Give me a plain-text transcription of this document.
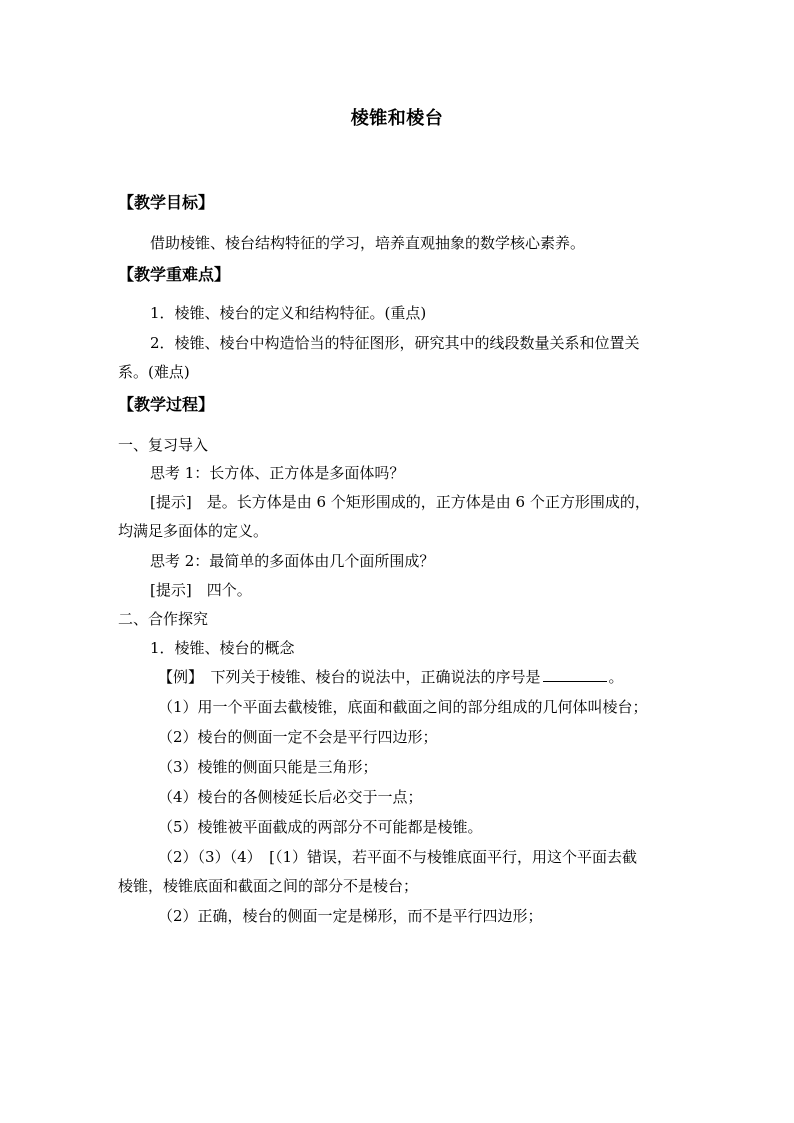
棱锥和棱台
【教学目标】
借助棱锥、棱台结构特征的学习，培养直观抽象的数学核心素养。
【教学重难点】
1．棱锥、棱台的定义和结构特征。(重点)
2．棱锥、棱台中构造恰当的特征图形，研究其中的线段数量关系和位置关
系。(难点)
【教学过程】
一、复习导入
思考 1：长方体、正方体是多面体吗？
[提示]　是。长方体是由 6 个矩形围成的，正方体是由 6 个正方形围成的，
均满足多面体的定义。
思考 2：最简单的多面体由几个面所围成？
[提示]　四个。
二、合作探究
1．棱锥、棱台的概念
【例】　下列关于棱锥、棱台的说法中，正确说法的序号是	。
（1）用一个平面去截棱锥，底面和截面之间的部分组成的几何体叫棱台；
（2）棱台的侧面一定不会是平行四边形；
（3）棱锥的侧面只能是三角形；
（4）棱台的各侧棱延长后必交于一点；
（5）棱锥被平面截成的两部分不可能都是棱锥。
（2）（3）（4）　[（1）错误，若平面不与棱锥底面平行，用这个平面去截
棱锥，棱锥底面和截面之间的部分不是棱台；
（2）正确，棱台的侧面一定是梯形，而不是平行四边形；
